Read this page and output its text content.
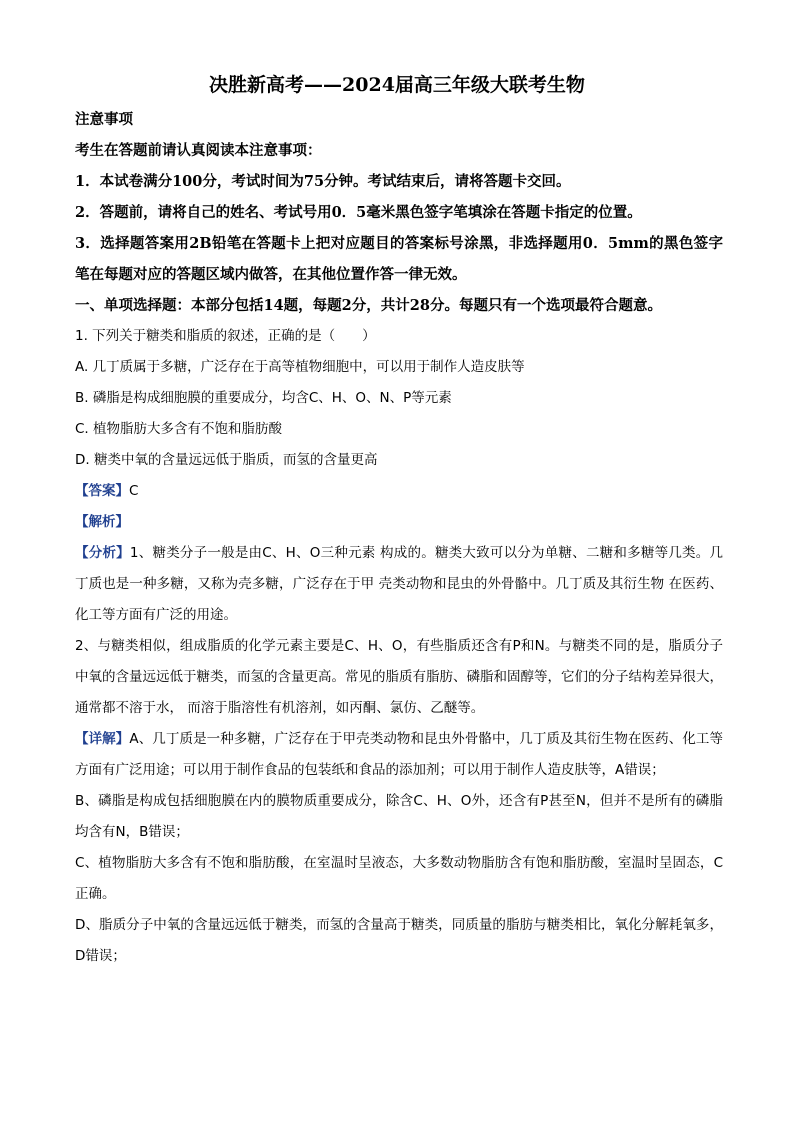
决胜新高考——2024届高三年级大联考生物

注意事项

考生在答题前请认真阅读本注意事项：

1．本试卷满分100分，考试时间为75分钟。考试结束后，请将答题卡交回。

2．答题前，请将自己的姓名、考试号用0．5毫米黑色签字笔填涂在答题卡指定的位置。

3．选择题答案用2B铅笔在答题卡上把对应题目的答案标号涂黑，非选择题用0．5mm的黑色签字笔在每题对应的答题区域内做答，在其他位置作答一律无效。

一、单项选择题：本部分包括14题，每题2分，共计28分。每题只有一个选项最符合题意。

1. 下列关于糖类和脂质的叙述，正确的是（　　）

A. 几丁质属于多糖，广泛存在于高等植物细胞中，可以用于制作人造皮肤等

B. 磷脂是构成细胞膜的重要成分，均含C、H、O、N、P等元素

C. 植物脂肪大多含有不饱和脂肪酸

D. 糖类中氧的含量远远低于脂质，而氢的含量更高

【答案】C

【解析】

【分析】1、糖类分子一般是由C、H、O三种元素 构成的。糖类大致可以分为单糖、二糖和多糖等几类。几丁质也是一种多糖，又称为壳多糖，广泛存在于甲 壳类动物和昆虫的外骨骼中。几丁质及其衍生物 在医药、化工等方面有广泛的用途。

2、与糖类相似，组成脂质的化学元素主要是C、H、O，有些脂质还含有P和N。与糖类不同的是，脂质分子中氧的含量远远低于糖类，而氢的含量更高。常见的脂质有脂肪、磷脂和固醇等，它们的分子结构差异很大，通常都不溶于水， 而溶于脂溶性有机溶剂，如丙酮、氯仿、乙醚等。

【详解】A、几丁质是一种多糖，广泛存在于甲壳类动物和昆虫外骨骼中，几丁质及其衍生物在医药、化工等方面有广泛用途；可以用于制作食品的包装纸和食品的添加剂；可以用于制作人造皮肤等，A错误；

B、磷脂是构成包括细胞膜在内的膜物质重要成分，除含C、H、O外，还含有P甚至N，但并不是所有的磷脂均含有N，B错误；

C、植物脂肪大多含有不饱和脂肪酸，在室温时呈液态，大多数动物脂肪含有饱和脂肪酸，室温时呈固态，C正确。

D、脂质分子中氧的含量远远低于糖类，而氢的含量高于糖类，同质量的脂肪与糖类相比，氧化分解耗氧多，D错误；
